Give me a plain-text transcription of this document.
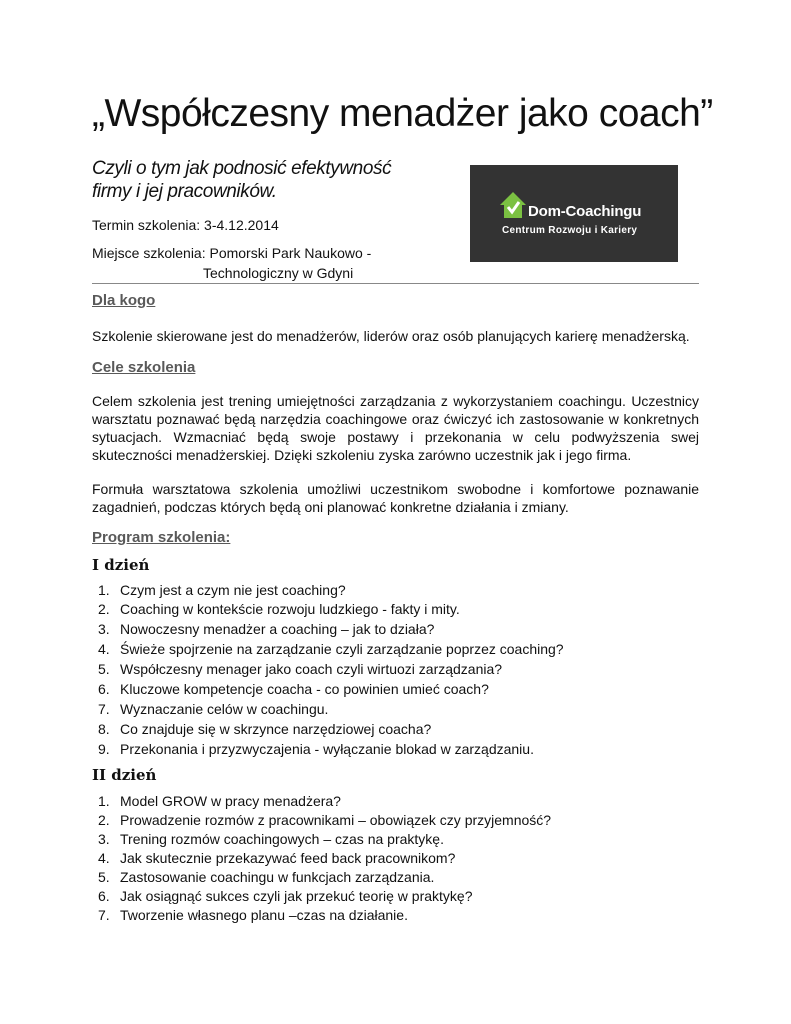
„Współczesny menadżer jako coach”

Czyli o tym jak podnosić efektywność firmy i jej pracowników.

Termin szkolenia: 3-4.12.2014

Miejsce szkolenia: Pomorski Park Naukowo -

Technologiczny w Gdyni

Dom-Coachingu
Centrum Rozwoju i Kariery
Dla kogo

Szkolenie skierowane jest do menadżerów, liderów oraz osób planujących karierę menadżerską.

Cele szkolenia

Celem szkolenia jest trening umiejętności zarządzania z wykorzystaniem coachingu. Uczestnicy warsztatu poznawać będą narzędzia coachingowe oraz ćwiczyć ich zastosowanie w konkretnych sytuacjach. Wzmacniać będą swoje postawy i przekonania w celu podwyższenia swej skuteczności menadżerskiej. Dzięki szkoleniu zyska zarówno uczestnik jak i jego firma.

Formuła warsztatowa szkolenia umożliwi uczestnikom swobodne i komfortowe poznawanie zagadnień, podczas których będą oni planować konkretne działania i zmiany.

Program szkolenia:
I dzień
1. Czym jest a czym nie jest coaching?
2. Coaching w kontekście rozwoju ludzkiego - fakty i mity.
3. Nowoczesny menadżer a coaching – jak to działa?
4. Świeże spojrzenie na zarządzanie czyli zarządzanie poprzez coaching?
5. Współczesny menager jako coach czyli wirtuozi zarządzania?
6. Kluczowe kompetencje coacha - co powinien umieć coach?
7. Wyznaczanie celów w coachingu.
8. Co znajduje się w skrzynce narzędziowej coacha?
9. Przekonania i przyzwyczajenia - wyłączanie blokad w zarządzaniu.
II dzień
1. Model GROW w pracy menadżera?
2. Prowadzenie rozmów z pracownikami – obowiązek czy przyjemność?
3. Trening rozmów coachingowych – czas na praktykę.
4. Jak skutecznie przekazywać feed back pracownikom?
5. Zastosowanie coachingu w funkcjach zarządzania.
6. Jak osiągnąć sukces czyli jak przekuć teorię w praktykę?
7. Tworzenie własnego planu –czas na działanie.
